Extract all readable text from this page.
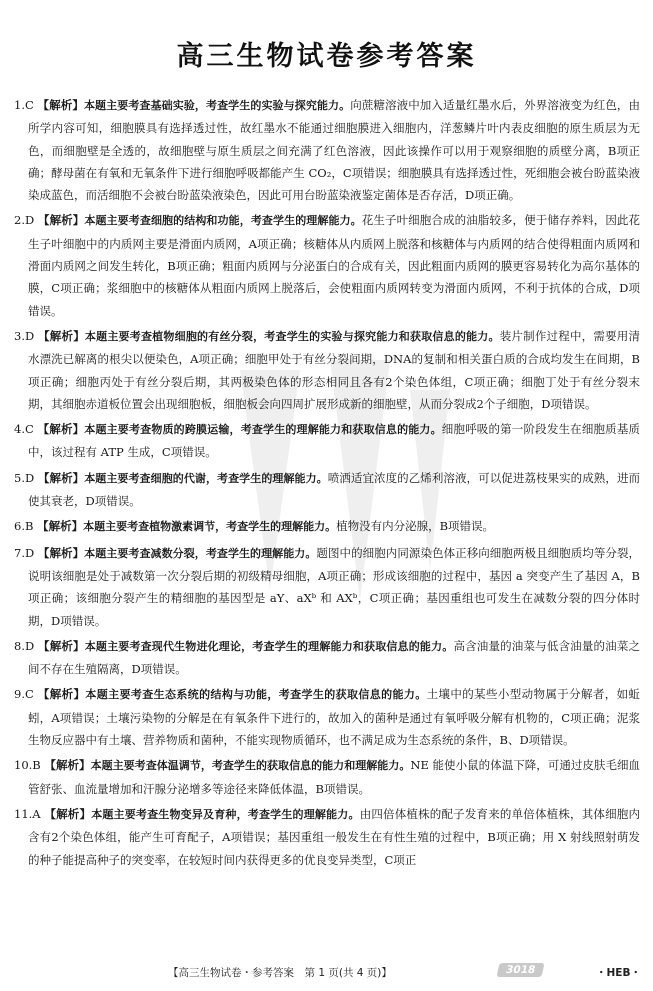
高三生物试卷参考答案

1.C 【解析】本题主要考查基础实验，考查学生的实验与探究能力。向蔗糖溶液中加入适量红墨水后，外界溶液变为红色，由所学内容可知，细胞膜具有选择透过性，故红墨水不能通过细胞膜进入细胞内，洋葱鳞片叶内表皮细胞的原生质层为无色，而细胞壁是全透的，故细胞壁与原生质层之间充满了红色溶液，因此该操作可以用于观察细胞的质壁分离，B项正确；酵母菌在有氧和无氧条件下进行细胞呼吸都能产生 CO₂，C项错误；细胞膜具有选择透过性，死细胞会被台盼蓝染液染成蓝色，而活细胞不会被台盼蓝染液染色，因此可用台盼蓝染液鉴定菌体是否存活，D项正确。

2.D 【解析】本题主要考查细胞的结构和功能，考查学生的理解能力。花生子叶细胞合成的油脂较多，便于储存养料，因此花生子叶细胞中的内质网主要是滑面内质网，A项正确；核糖体从内质网上脱落和核糖体与内质网的结合使得粗面内质网和滑面内质网之间发生转化，B项正确；粗面内质网与分泌蛋白的合成有关，因此粗面内质网的膜更容易转化为高尔基体的膜，C项正确；浆细胞中的核糖体从粗面内质网上脱落后，会使粗面内质网转变为滑面内质网，不利于抗体的合成，D项错误。

3.D 【解析】本题主要考查植物细胞的有丝分裂，考查学生的实验与探究能力和获取信息的能力。装片制作过程中，需要用清水漂洗已解离的根尖以便染色，A项正确；细胞甲处于有丝分裂间期，DNA的复制和相关蛋白质的合成均发生在间期，B项正确；细胞丙处于有丝分裂后期，其两极染色体的形态相同且各有2个染色体组，C项正确；细胞丁处于有丝分裂末期，其细胞赤道板位置会出现细胞板，细胞板会向四周扩展形成新的细胞壁，从而分裂成2个子细胞，D项错误。

4.C 【解析】本题主要考查物质的跨膜运输，考查学生的理解能力和获取信息的能力。细胞呼吸的第一阶段发生在细胞质基质中，该过程有 ATP 生成，C项错误。

5.D 【解析】本题主要考查细胞的代谢，考查学生的理解能力。喷洒适宜浓度的乙烯利溶液，可以促进荔枝果实的成熟，进而使其衰老，D项错误。

6.B 【解析】本题主要考查植物激素调节，考查学生的理解能力。植物没有内分泌腺，B项错误。

7.D 【解析】本题主要考查减数分裂，考查学生的理解能力。题图中的细胞内同源染色体正移向细胞两极且细胞质均等分裂，说明该细胞是处于减数第一次分裂后期的初级精母细胞，A项正确；形成该细胞的过程中，基因 a 突变产生了基因 A，B项正确；该细胞分裂产生的精细胞的基因型是 aY、aXᵇ 和 AXᵇ，C项正确；基因重组也可发生在减数分裂的四分体时期，D项错误。

8.D 【解析】本题主要考查现代生物进化理论，考查学生的理解能力和获取信息的能力。高含油量的油菜与低含油量的油菜之间不存在生殖隔离，D项错误。

9.C 【解析】本题主要考查生态系统的结构与功能，考查学生的获取信息的能力。土壤中的某些小型动物属于分解者，如蚯蚓，A项错误；土壤污染物的分解是在有氧条件下进行的，故加入的菌种是通过有氧呼吸分解有机物的，C项正确；泥浆生物反应器中有土壤、营养物质和菌种，不能实现物质循环，也不满足成为生态系统的条件，B、D项错误。

10.B 【解析】本题主要考查体温调节，考查学生的获取信息的能力和理解能力。NE 能使小鼠的体温下降，可通过皮肤毛细血管舒张、血流量增加和汗腺分泌增多等途径来降低体温，B项错误。

11.A 【解析】本题主要考查生物变异及育种，考查学生的理解能力。由四倍体植株的配子发育来的单倍体植株，其体细胞内含有2个染色体组，能产生可育配子，A项错误；基因重组一般发生在有性生殖的过程中，B项正确；用 X 射线照射萌发的种子能提高种子的突变率，在较短时间内获得更多的优良变异类型，C项正

【高三生物试卷・参考答案　第 1 页(共 4 页)】	3018	・HEB・
